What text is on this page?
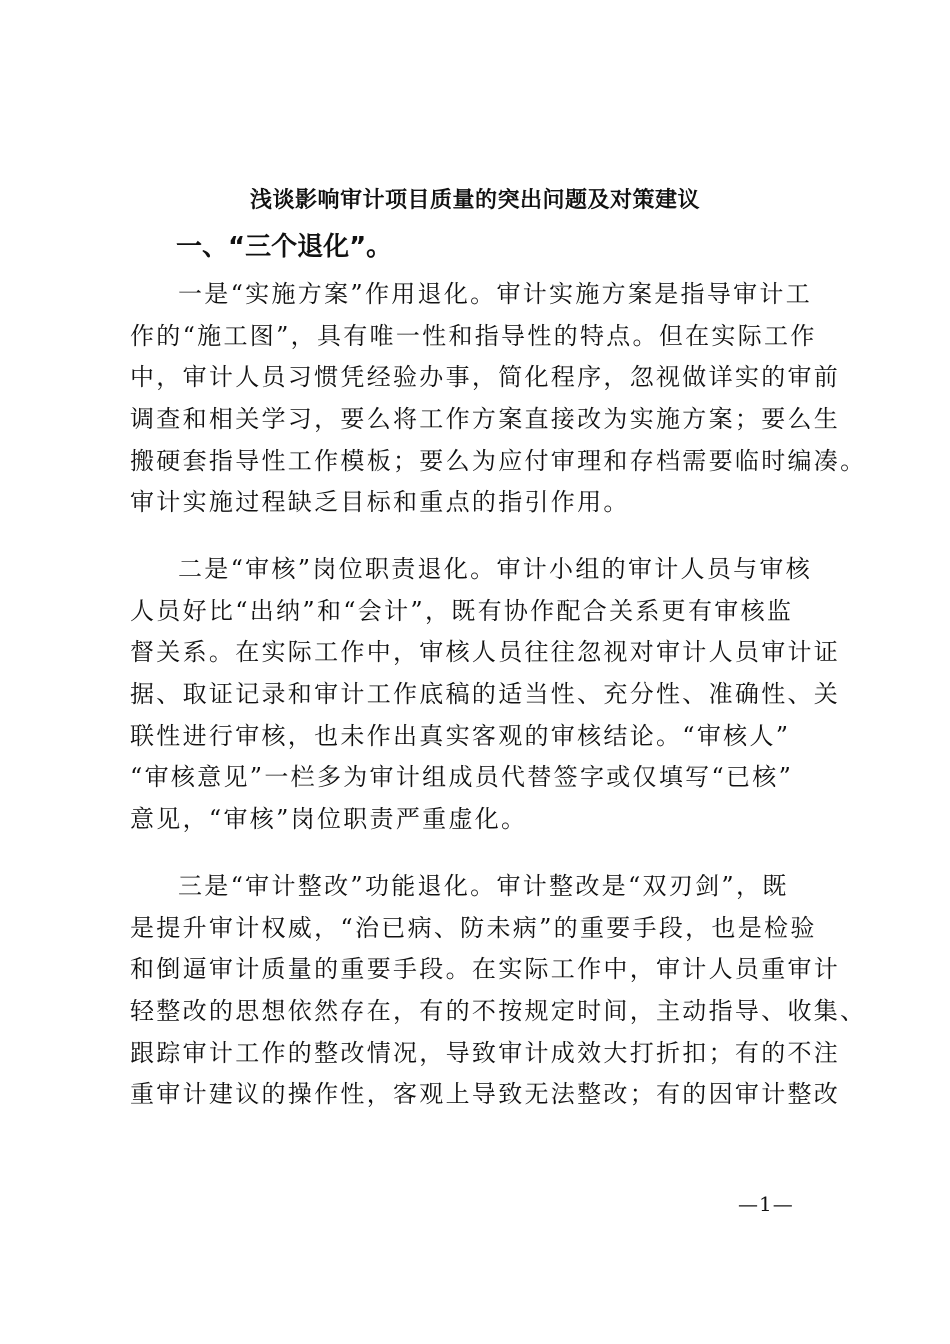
浅谈影响审计项目质量的突出问题及对策建议
一、“三个退化”。
一是“实施方案”作用退化。审计实施方案是指导审计工
作的“施工图”，具有唯一性和指导性的特点。但在实际工作
中，审计人员习惯凭经验办事，简化程序，忽视做详实的审前
调查和相关学习，要么将工作方案直接改为实施方案；要么生
搬硬套指导性工作模板；要么为应付审理和存档需要临时编凑。
审计实施过程缺乏目标和重点的指引作用。
二是“审核”岗位职责退化。审计小组的审计人员与审核
人员好比“出纳”和“会计”，既有协作配合关系更有审核监
督关系。在实际工作中，审核人员往往忽视对审计人员审计证
据、取证记录和审计工作底稿的适当性、充分性、准确性、关
联性进行审核，也未作出真实客观的审核结论。“审核人”
“审核意见”一栏多为审计组成员代替签字或仅填写“已核”
意见，“审核”岗位职责严重虚化。
三是“审计整改”功能退化。审计整改是“双刃剑”，既
是提升审计权威，“治已病、防未病”的重要手段，也是检验
和倒逼审计质量的重要手段。在实际工作中，审计人员重审计
轻整改的思想依然存在，有的不按规定时间，主动指导、收集、
跟踪审计工作的整改情况，导致审计成效大打折扣；有的不注
重审计建议的操作性，客观上导致无法整改；有的因审计整改
—1—
